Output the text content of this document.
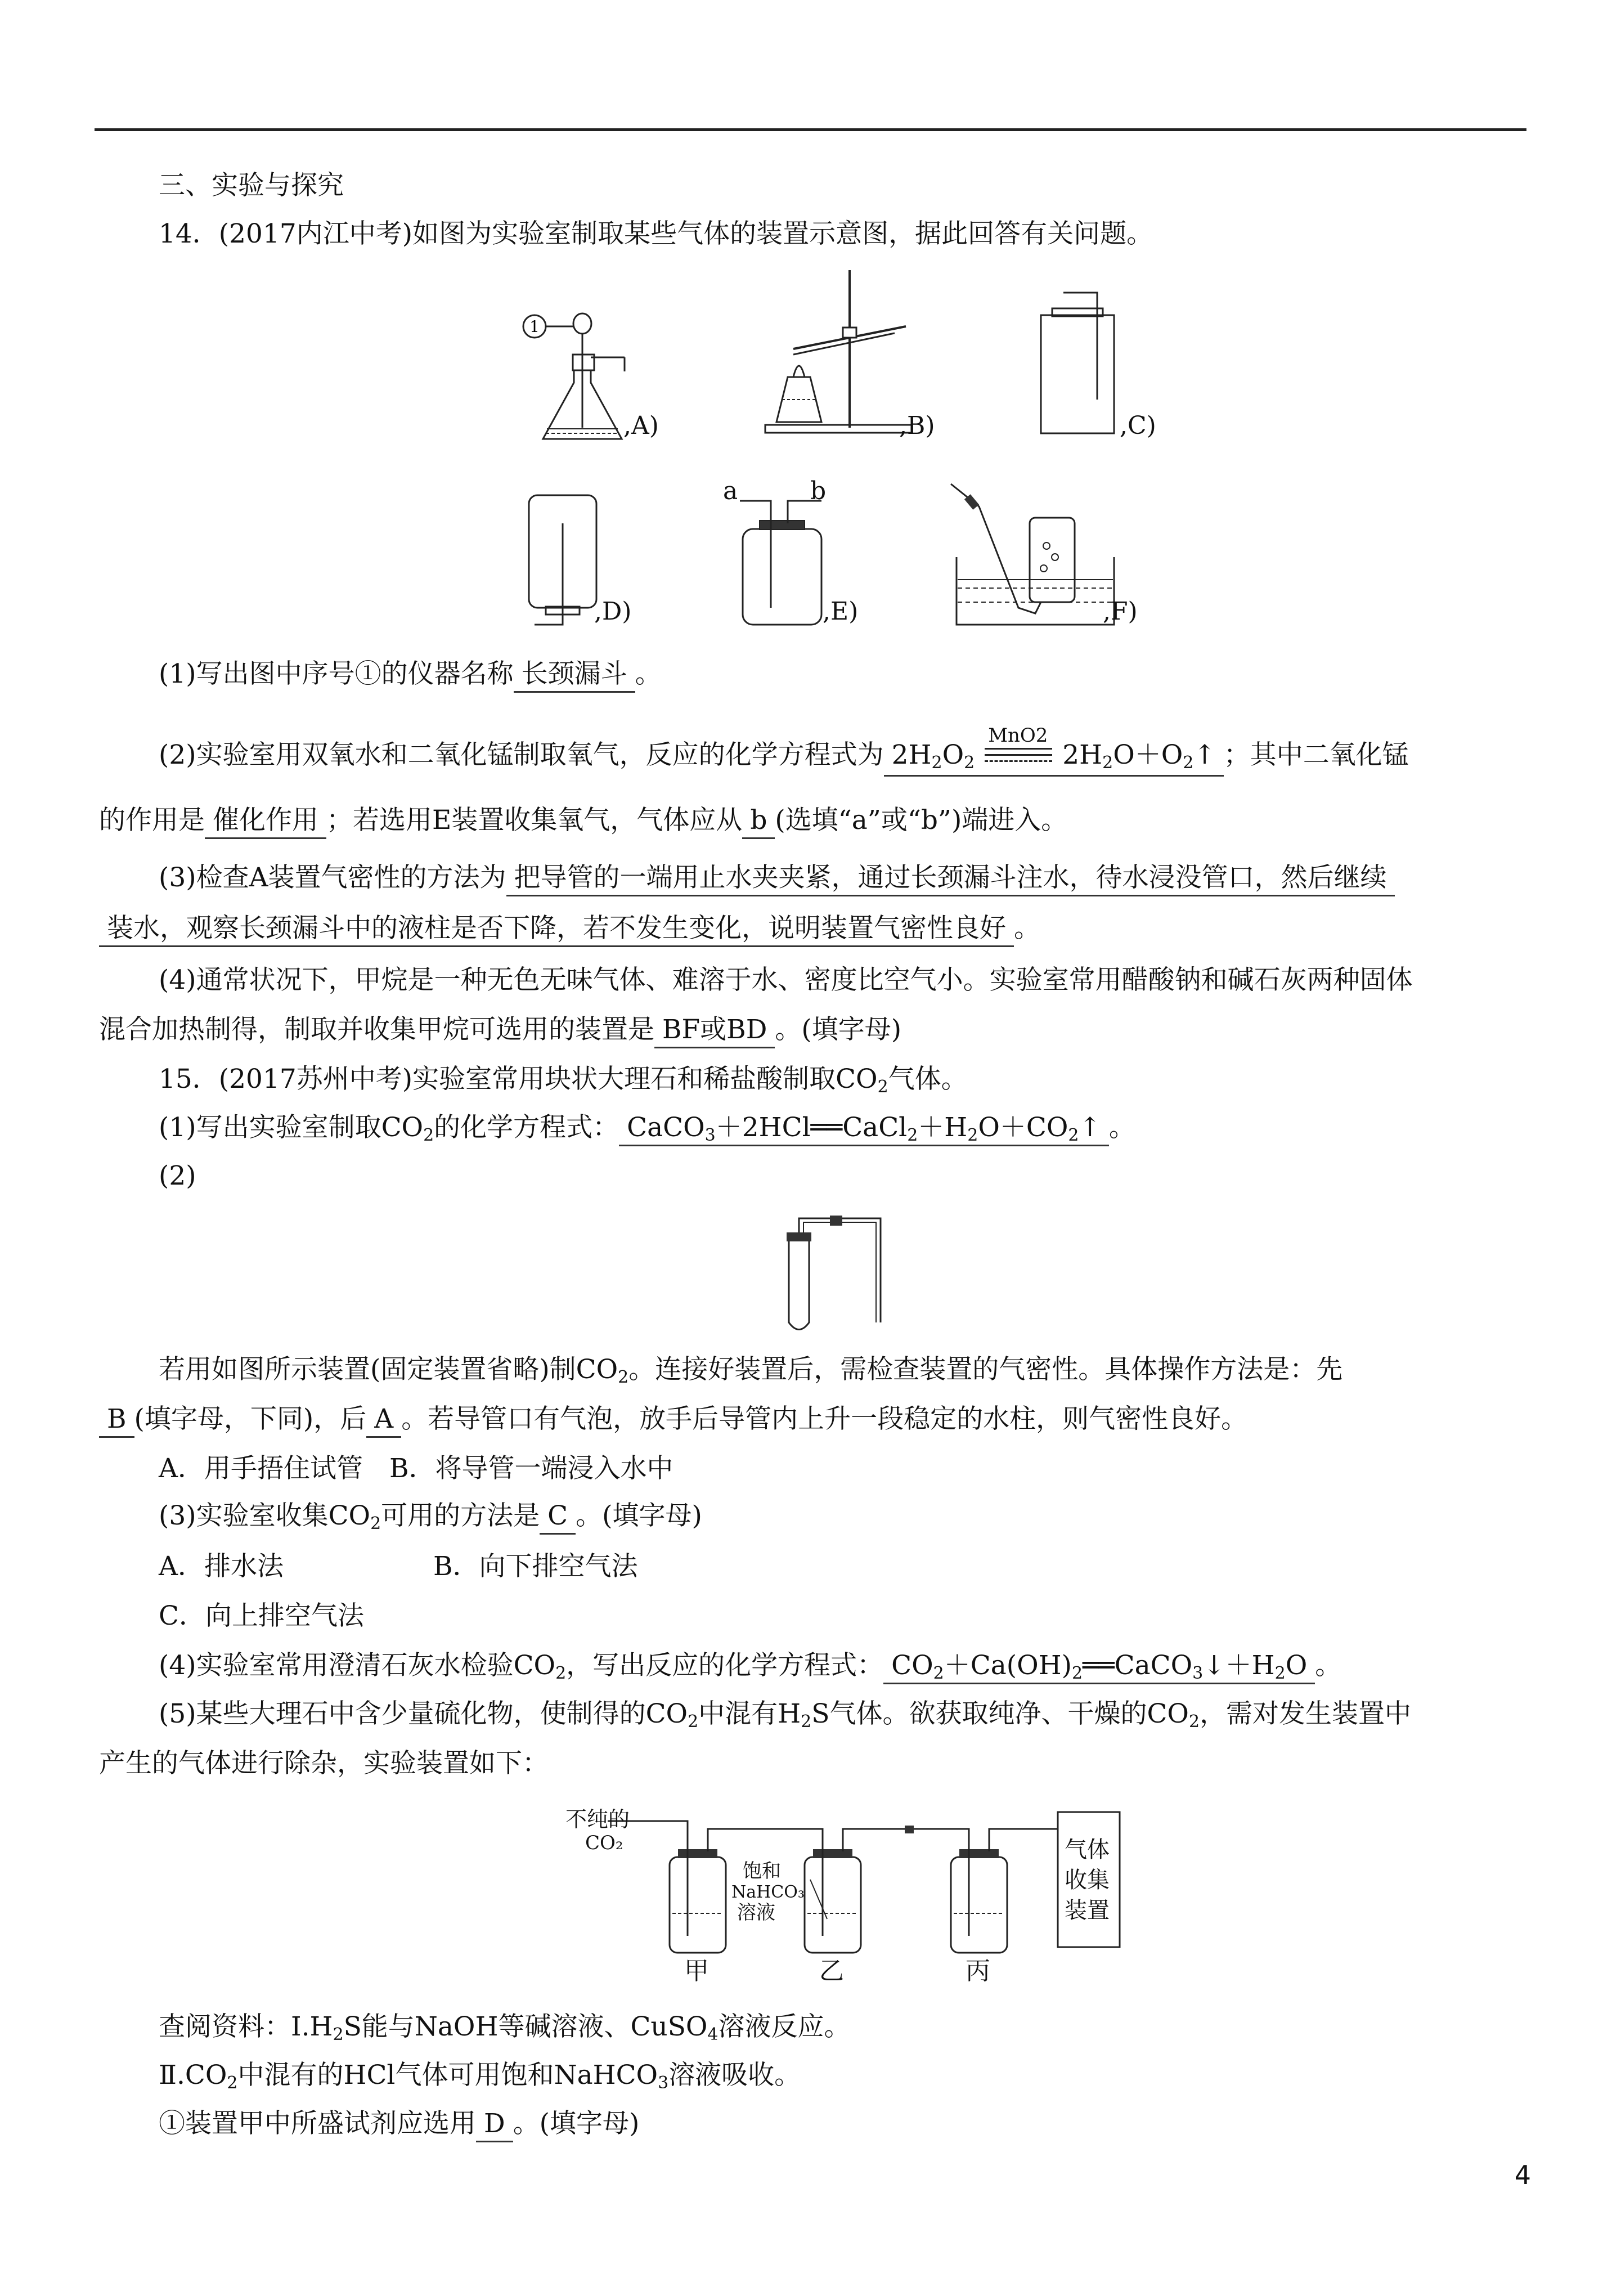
三、实验与探究
14．(2017内江中考)如图为实验室制取某些气体的装置示意图，据此回答有关问题。
1
,A)	,B)	,C)
,D)
a	b
,E)	,F)
(1)写出图中序号①的仪器名称 长颈漏斗 。
(2)实验室用双氧水和二氧化锰制取氧气，反应的化学方程式为 $2H_2O_2$
MnO2
$2H_2O+O_2↑$ ；其中二氧化锰
的作用是 催化作用 ；若选用E装置收集氧气，气体应从 b (选填“a”或“b”)端进入。
(3)检查A装置气密性的方法为 把导管的一端用止水夹夹紧，通过长颈漏斗注水，待水浸没管口，然后继续
装水，观察长颈漏斗中的液柱是否下降，若不发生变化，说明装置气密性良好 。
(4)通常状况下，甲烷是一种无色无味气体、难溶于水、密度比空气小。实验室常用醋酸钠和碱石灰两种固体
混合加热制得，制取并收集甲烷可选用的装置是 BF或BD 。(填字母)
15．(2017苏州中考)实验室常用块状大理石和稀盐酸制取$CO_2$气体。
(1)写出实验室制取$CO_2$的化学方程式： $CaCO_3+2HCl══CaCl_2+H_2O+CO_2↑$ 。
(2)
若用如图所示装置(固定装置省略)制$CO_2$。连接好装置后，需检查装置的气密性。具体操作方法是：先
B (填字母，下同)，后 A 。若导管口有气泡，放手后导管内上升一段稳定的水柱，则气密性良好。
A．用手捂住试管　B．将导管一端浸入水中
(3)实验室收集$CO_2$可用的方法是 C 。(填字母)
A．排水法	B．向下排空气法
C．向上排空气法
(4)实验室常用澄清石灰水检验$CO_2$，写出反应的化学方程式： $CO_2+Ca(OH)_2══CaCO_3↓+H_2O$ 。
(5)某些大理石中含少量硫化物，使制得的$CO_2$中混有$H_2S$气体。欲获取纯净、干燥的$CO_2$，需对发生装置中
产生的气体进行除杂，实验装置如下：
不纯的
CO₂
饱和
NaHCO₃
溶液
气体
收集
装置
甲	乙	丙
查阅资料：$Ⅰ.H_2S$能与NaOH等碱溶液、CuSO$_4$溶液反应。
$Ⅱ.CO_2$中混有的HCl气体可用饱和NaHCO$_3$溶液吸收。
①装置甲中所盛试剂应选用 D 。(填字母)
4
